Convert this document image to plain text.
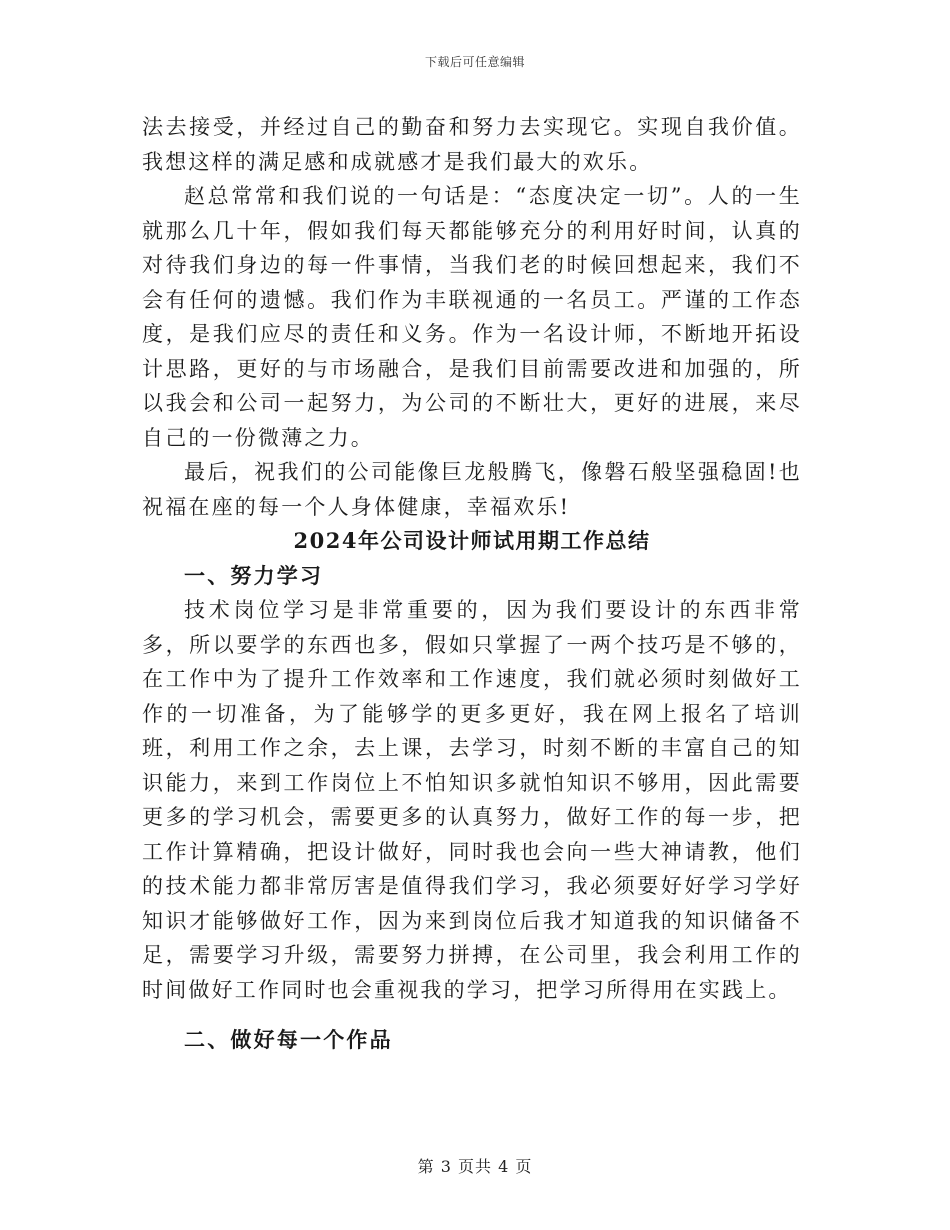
下载后可任意编辑

法去接受，并经过自己的勤奋和努力去实现它。实现自我价值。我想这样的满足感和成就感才是我们最大的欢乐。

赵总常常和我们说的一句话是：“态度决定一切”。人的一生就那么几十年，假如我们每天都能够充分的利用好时间，认真的对待我们身边的每一件事情，当我们老的时候回想起来，我们不会有任何的遗憾。我们作为丰联视通的一名员工。严谨的工作态度，是我们应尽的责任和义务。作为一名设计师，不断地开拓设计思路，更好的与市场融合，是我们目前需要改进和加强的，所以我会和公司一起努力，为公司的不断壮大，更好的进展，来尽自己的一份微薄之力。

最后，祝我们的公司能像巨龙般腾飞，像磐石般坚强稳固!也祝福在座的每一个人身体健康，幸福欢乐!

2024年公司设计师试用期工作总结

一、努力学习

技术岗位学习是非常重要的，因为我们要设计的东西非常多，所以要学的东西也多，假如只掌握了一两个技巧是不够的，在工作中为了提升工作效率和工作速度，我们就必须时刻做好工作的一切准备，为了能够学的更多更好，我在网上报名了培训班，利用工作之余，去上课，去学习，时刻不断的丰富自己的知识能力，来到工作岗位上不怕知识多就怕知识不够用，因此需要更多的学习机会，需要更多的认真努力，做好工作的每一步，把工作计算精确，把设计做好，同时我也会向一些大神请教，他们的技术能力都非常厉害是值得我们学习，我必须要好好学习学好知识才能够做好工作，因为来到岗位后我才知道我的知识储备不足，需要学习升级，需要努力拼搏，在公司里，我会利用工作的时间做好工作同时也会重视我的学习，把学习所得用在实践上。

二、做好每一个作品

第 3 页共 4 页
